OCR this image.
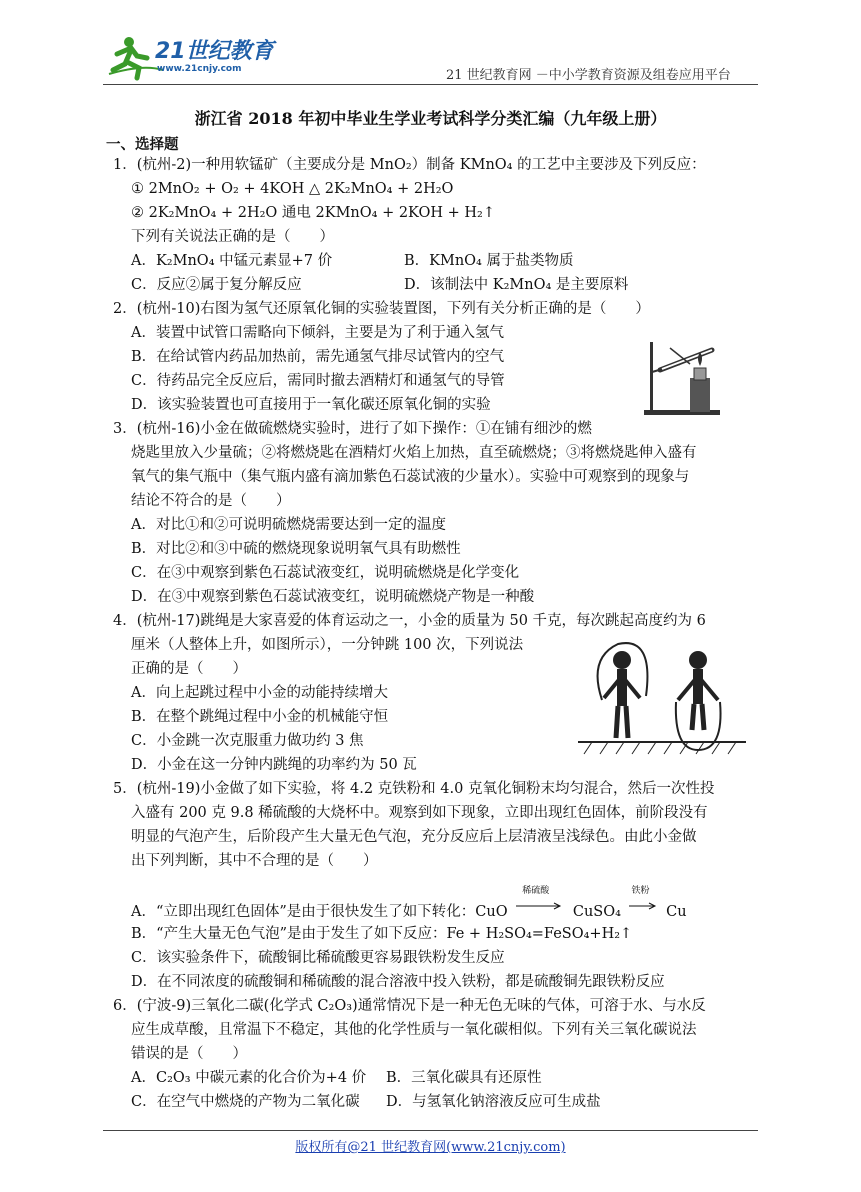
21世纪教育
www.21cnjy.com	21 世纪教育网 －中小学教育资源及组卷应用平台
浙江省 2018 年初中毕业生学业考试科学分类汇编（九年级上册）
一、选择题
1．(杭州-2)一种用软锰矿（主要成分是 MnO₂）制备 KMnO₄ 的工艺中主要涉及下列反应：
① 2MnO₂ + O₂ + 4KOH △ 2K₂MnO₄ + 2H₂O
② 2K₂MnO₄ + 2H₂O 通电 2KMnO₄ + 2KOH + H₂↑
下列有关说法正确的是（　　）
A．K₂MnO₄ 中锰元素显+7 价	B．KMnO₄ 属于盐类物质
C．反应②属于复分解反应	D．该制法中 K₂MnO₄ 是主要原料
2．(杭州-10)右图为氢气还原氧化铜的实验装置图，下列有关分析正确的是（　　）
A．装置中试管口需略向下倾斜，主要是为了利于通入氢气
B．在给试管内药品加热前，需先通氢气排尽试管内的空气
C．待药品完全反应后，需同时撤去酒精灯和通氢气的导管
D．该实验装置也可直接用于一氧化碳还原氧化铜的实验
3．(杭州-16)小金在做硫燃烧实验时，进行了如下操作：①在铺有细沙的燃
烧匙里放入少量硫；②将燃烧匙在酒精灯火焰上加热，直至硫燃烧；③将燃烧匙伸入盛有
氧气的集气瓶中（集气瓶内盛有滴加紫色石蕊试液的少量水）。实验中可观察到的现象与
结论不符合的是（　　）
A．对比①和②可说明硫燃烧需要达到一定的温度
B．对比②和③中硫的燃烧现象说明氧气具有助燃性
C．在③中观察到紫色石蕊试液变红，说明硫燃烧是化学变化
D．在③中观察到紫色石蕊试液变红，说明硫燃烧产物是一种酸
4．(杭州-17)跳绳是大家喜爱的体育运动之一，小金的质量为 50 千克，每次跳起高度约为 6
厘米（人整体上升，如图所示），一分钟跳 100 次，下列说法
正确的是（　　）
A．向上起跳过程中小金的动能持续增大
B．在整个跳绳过程中小金的机械能守恒
C．小金跳一次克服重力做功约 3 焦
D．小金在这一分钟内跳绳的功率约为 50 瓦
5．(杭州-19)小金做了如下实验，将 4.2 克铁粉和 4.0 克氧化铜粉末均匀混合，然后一次性投
入盛有 200 克 9.8 稀硫酸的大烧杯中。观察到如下现象，立即出现红色固体，前阶段没有
明显的气泡产生，后阶段产生大量无色气泡，充分反应后上层清液呈浅绿色。由此小金做
出下列判断，其中不合理的是（　　）
A．“立即出现红色固体”是由于很快发生了如下转化：CuO
稀硫酸
CuSO₄
铁粉
Cu
B．“产生大量无色气泡”是由于发生了如下反应：Fe + H₂SO₄=FeSO₄+H₂↑
C．该实验条件下，硫酸铜比稀硫酸更容易跟铁粉发生反应
D．在不同浓度的硫酸铜和稀硫酸的混合溶液中投入铁粉，都是硫酸铜先跟铁粉反应
6．(宁波-9)三氧化二碳(化学式 C₂O₃)通常情况下是一种无色无味的气体，可溶于水、与水反
应生成草酸，且常温下不稳定，其他的化学性质与一氧化碳相似。下列有关三氧化碳说法
错误的是（　　）
A．C₂O₃ 中碳元素的化合价为+4 价 B．三氧化碳具有还原性
C．在空气中燃烧的产物为二氧化碳 D．与氢氧化钠溶液反应可生成盐
版权所有@21 世纪教育网(www.21cnjy.com)
